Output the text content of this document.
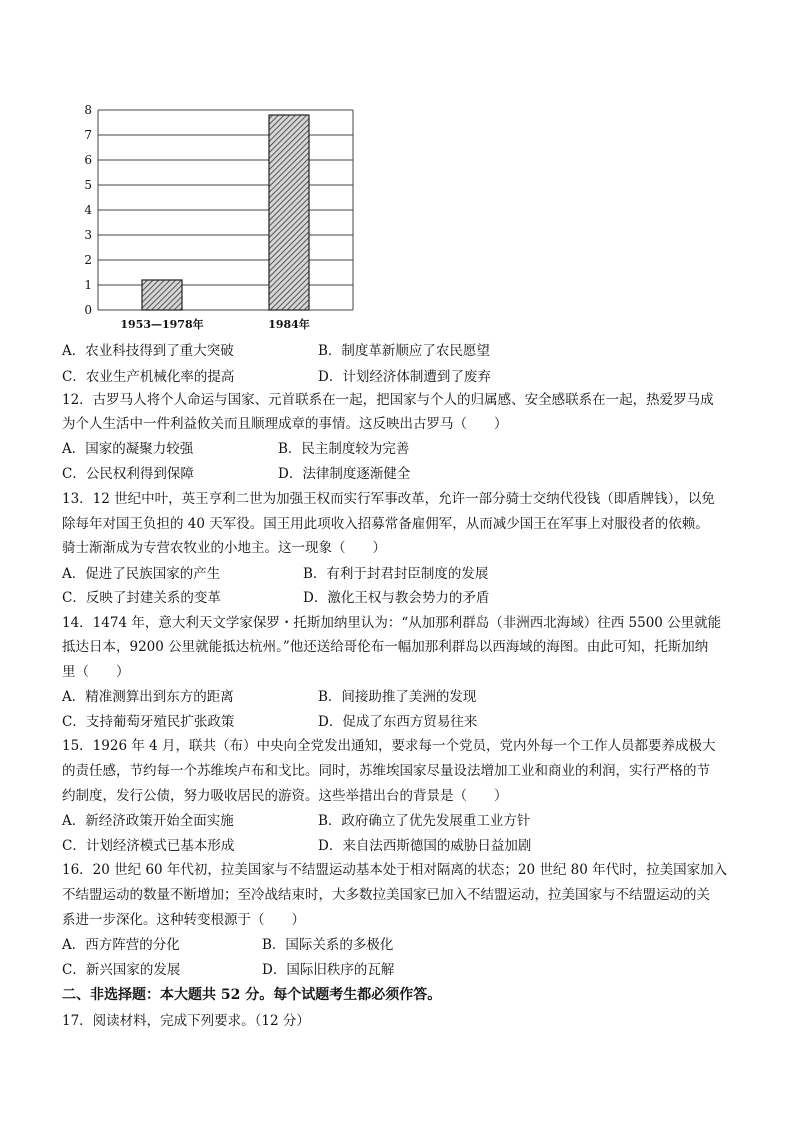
0
1
2
3
4
5
6
7
8
1953—1978年	1984年
A．农业科技得到了重大突破	B．制度革新顺应了农民愿望
C．农业生产机械化率的提高	D．计划经济体制遭到了废弃
12．古罗马人将个人命运与国家、元首联系在一起，把国家与个人的归属感、安全感联系在一起，热爱罗马成
为个人生活中一件利益攸关而且顺理成章的事情。这反映出古罗马（　　）
A．国家的凝聚力较强	B．民主制度较为完善
C．公民权利得到保障	D．法律制度逐渐健全
13．12 世纪中叶，英王亨利二世为加强王权而实行军事改革，允许一部分骑士交纳代役钱（即盾牌钱），以免
除每年对国王负担的 40 天军役。国王用此项收入招募常备雇佣军，从而减少国王在军事上对服役者的依赖。
骑士渐渐成为专营农牧业的小地主。这一现象（　　）
A．促进了民族国家的产生	B．有利于封君封臣制度的发展
C．反映了封建关系的变革	D．激化王权与教会势力的矛盾
14．1474 年，意大利天文学家保罗・托斯加纳里认为：“从加那利群岛（非洲西北海域）往西 5500 公里就能
抵达日本，9200 公里就能抵达杭州。”他还送给哥伦布一幅加那利群岛以西海域的海图。由此可知，托斯加纳
里（　　）
A．精准测算出到东方的距离	B．间接助推了美洲的发现
C．支持葡萄牙殖民扩张政策	D．促成了东西方贸易往来
15．1926 年 4 月，联共（布）中央向全党发出通知，要求每一个党员，党内外每一个工作人员都要养成极大
的责任感，节约每一个苏维埃卢布和戈比。同时，苏维埃国家尽量设法增加工业和商业的利润，实行严格的节
约制度，发行公债，努力吸收居民的游资。这些举措出台的背景是（　　）
A．新经济政策开始全面实施	B．政府确立了优先发展重工业方针
C．计划经济模式已基本形成	D．来自法西斯德国的威胁日益加剧
16．20 世纪 60 年代初，拉美国家与不结盟运动基本处于相对隔离的状态；20 世纪 80 年代时，拉美国家加入
不结盟运动的数量不断增加；至冷战结束时，大多数拉美国家已加入不结盟运动，拉美国家与不结盟运动的关
系进一步深化。这种转变根源于（　　）
A．西方阵营的分化	B．国际关系的多极化
C．新兴国家的发展	D．国际旧秩序的瓦解
二、非选择题：本大题共 52 分。每个试题考生都必须作答。
17．阅读材料，完成下列要求。（12 分）
